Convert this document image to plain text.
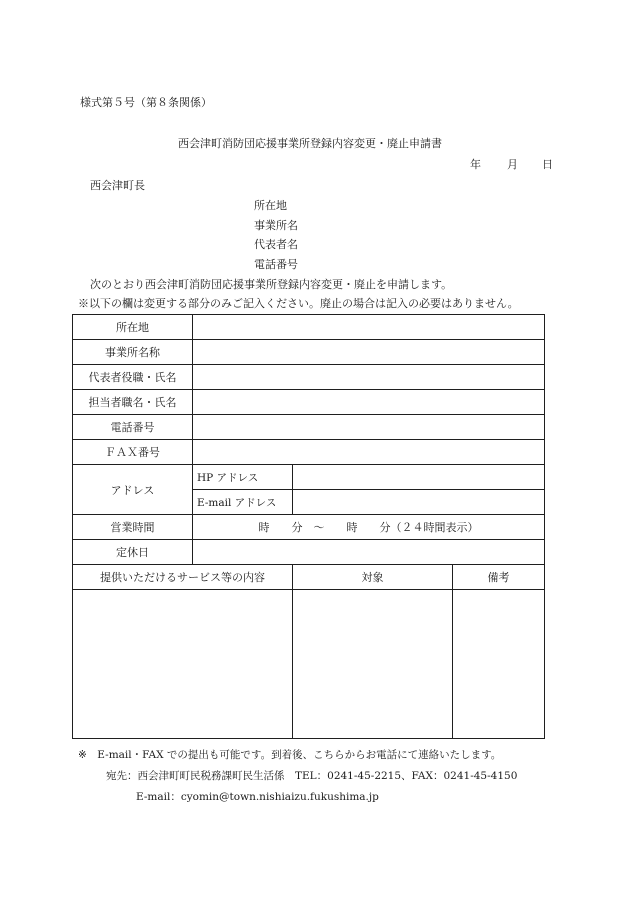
様式第５号（第８条関係）
西会津町消防団応援事業所登録内容変更・廃止申請書
年 月 日
西会津町長
所在地
事業所名
代表者名
電話番号
次のとおり西会津町消防団応援事業所登録内容変更・廃止を申請します。
※以下の欄は変更する部分のみご記入ください。廃止の場合は記入の必要はありません。
所在地			
事業所名称			
代表者役職・氏名			
担当者職名・氏名			
電話番号			
ＦＡＸ番号			
アドレス	HP アドレス		
	E-mail アドレス		
営業時間	時　　分　～　　時　　分（２４時間表示）		
定休日			
提供いただけるサービス等の内容		対象	備考

※　E-mail・FAX での提出も可能です。到着後、こちらからお電話にて連絡いたします。
宛先：西会津町町民税務課町民生活係　TEL：0241-45-2215、FAX：0241-45-4150
E-mail：cyomin@town.nishiaizu.fukushima.jp
